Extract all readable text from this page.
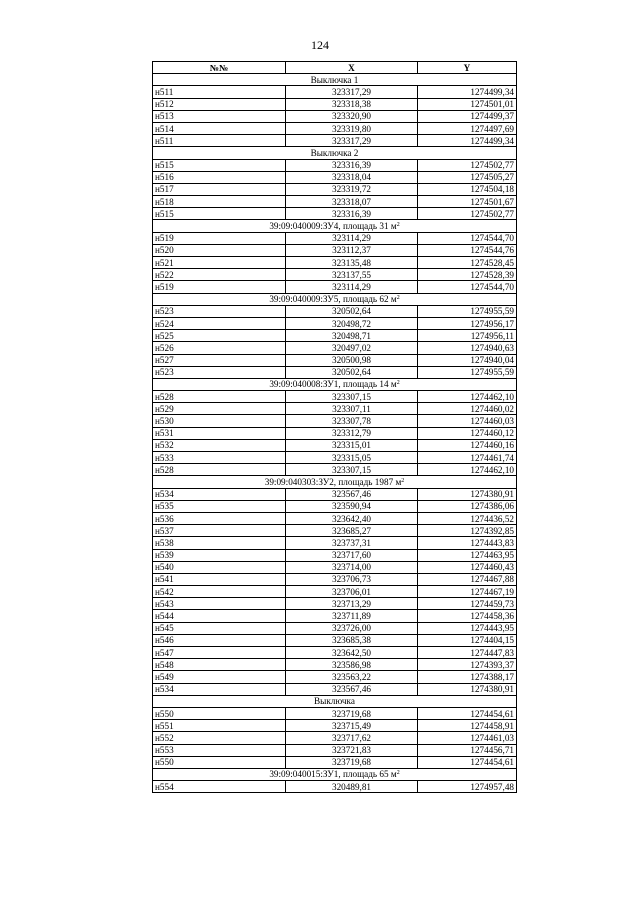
124
№№	X	Y
Выключка 1		
н511	323317,29	1274499,34
н512	323318,38	1274501,01
н513	323320,90	1274499,37
н514	323319,80	1274497,69
н511	323317,29	1274499,34
Выключка 2		
н515	323316,39	1274502,77
н516	323318,04	1274505,27
н517	323319,72	1274504,18
н518	323318,07	1274501,67
н515	323316,39	1274502,77
39:09:040009:ЗУ4, площадь 31 $м^2$
н519	323114,29	1274544,70
н520	323112,37	1274544,76
н521	323135,48	1274528,45
н522	323137,55	1274528,39
н519	323114,29	1274544,70
39:09:040009:ЗУ5, площадь 62 $м^2$
н523	320502,64	1274955,59
н524	320498,72	1274956,17
н525	320498,71	1274956,11
н526	320497,02	1274940,63
н527	320500,98	1274940,04
н523	320502,64	1274955,59
39:09:040008:ЗУ1, площадь 14 $м^2$
н528	323307,15	1274462,10
н529	323307,11	1274460,02
н530	323307,78	1274460,03
н531	323312,79	1274460,12
н532	323315,01	1274460,16
н533	323315,05	1274461,74
н528	323307,15	1274462,10
39:09:040303:ЗУ2, площадь 1987 $м^2$
н534	323567,46	1274380,91
н535	323590,94	1274386,06
н536	323642,40	1274436,52
н537	323685,27	1274392,85
н538	323737,31	1274443,83
н539	323717,60	1274463,95
н540	323714,00	1274460,43
н541	323706,73	1274467,88
н542	323706,01	1274467,19
н543	323713,29	1274459,73
н544	323711,89	1274458,36
н545	323726,00	1274443,95
н546	323685,38	1274404,15
н547	323642,50	1274447,83
н548	323586,98	1274393,37
н549	323563,22	1274388,17
н534	323567,46	1274380,91
Выключка		
н550	323719,68	1274454,61
н551	323715,49	1274458,91
н552	323717,62	1274461,03
н553	323721,83	1274456,71
н550	323719,68	1274454,61
39:09:040015:ЗУ1, площадь 65 $м^2$
н554	320489,81	1274957,48
